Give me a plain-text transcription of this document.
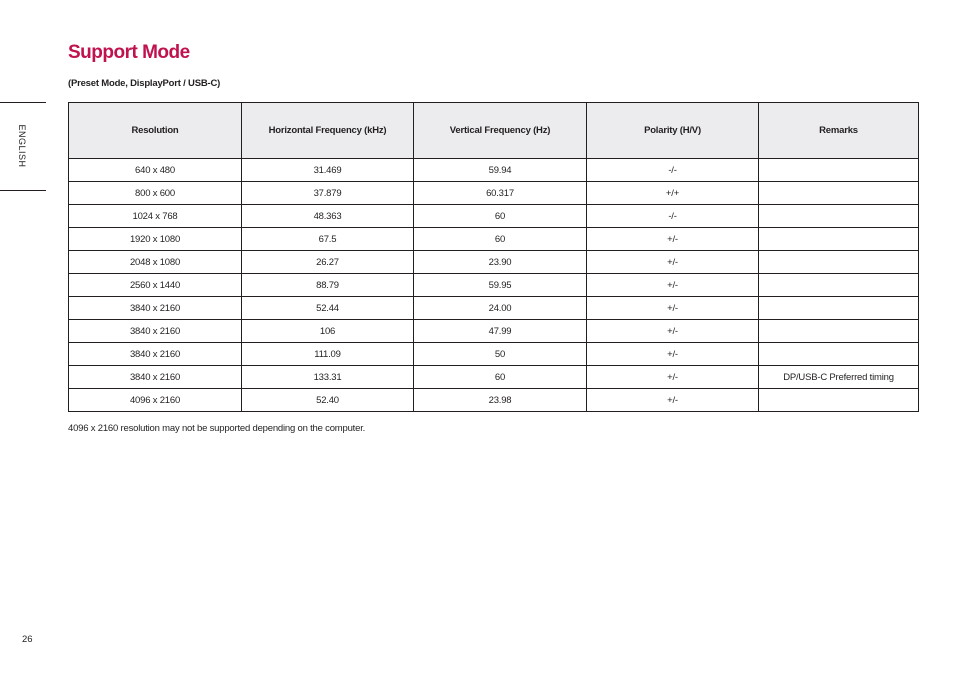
ENGLISH
Support Mode
(Preset Mode, DisplayPort / USB-C)
Resolution	Horizontal Frequency (kHz)	Vertical Frequency (Hz)	Polarity (H/V)	Remarks
640 x 480	31.469	59.94	-/-	
800 x 600	37.879	60.317	+/+	
1024 x 768	48.363	60	-/-	
1920 x 1080	67.5	60	+/-	
2048 x 1080	26.27	23.90	+/-	
2560 x 1440	88.79	59.95	+/-	
3840 x 2160	52.44	24.00	+/-	
3840 x 2160	106	47.99	+/-	
3840 x 2160	111.09	50	+/-	
3840 x 2160	133.31	60	+/-	DP/USB-C Preferred timing
4096 x 2160	52.40	23.98	+/-	
4096 x 2160 resolution may not be supported depending on the computer.
26
